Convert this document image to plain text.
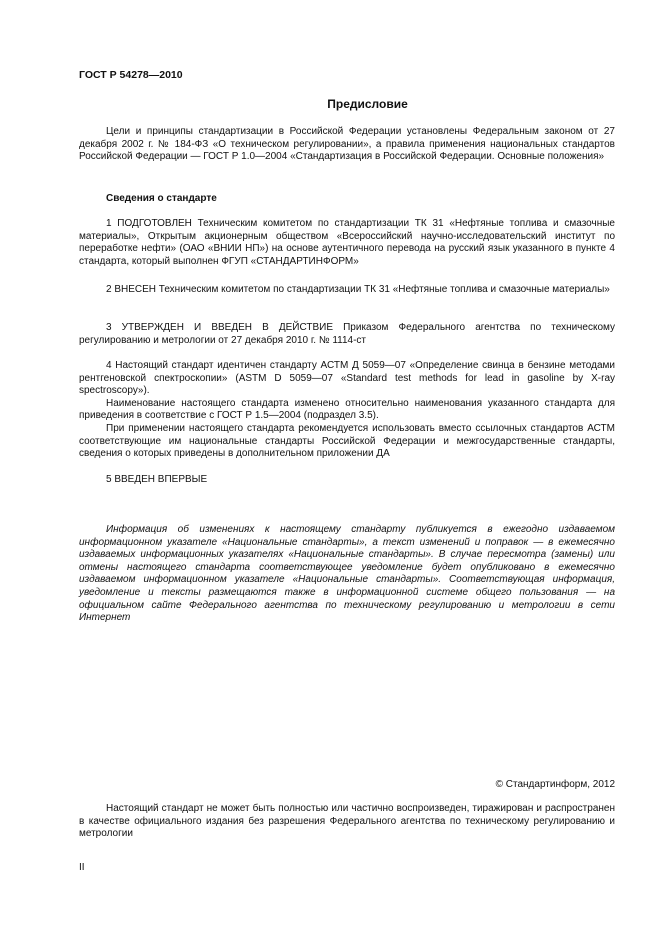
ГОСТ Р 54278—2010
Предисловие

Цели и принципы стандартизации в Российской Федерации установлены Федеральным законом от 27 декабря 2002 г. № 184-ФЗ «О техническом регулировании», а правила применения национальных стандартов Российской Федерации — ГОСТ Р 1.0—2004 «Стандартизация в Российской Федерации. Основные положения»

Сведения о стандарте

1 ПОДГОТОВЛЕН Техническим комитетом по стандартизации ТК 31 «Нефтяные топлива и смазочные материалы», Открытым акционерным обществом «Всероссийский научно-исследовательский институт по переработке нефти» (ОАО «ВНИИ НП») на основе аутентичного перевода на русский язык указанного в пункте 4 стандарта, который выполнен ФГУП «СТАНДАРТИНФОРМ»

2 ВНЕСЕН Техническим комитетом по стандартизации ТК 31 «Нефтяные топлива и смазочные материалы»

3 УТВЕРЖДЕН И ВВЕДЕН В ДЕЙСТВИЕ Приказом Федерального агентства по техническому регулированию и метрологии от 27 декабря 2010 г. № 1114-ст

4 Настоящий стандарт идентичен стандарту АСТМ Д 5059—07 «Определение свинца в бензине методами рентгеновской спектроскопии» (ASTM D 5059—07 «Standard test methods for lead in gasoline by X-ray spectroscopy»).

Наименование настоящего стандарта изменено относительно наименования указанного стандарта для приведения в соответствие с ГОСТ Р 1.5—2004 (подраздел 3.5).

При применении настоящего стандарта рекомендуется использовать вместо ссылочных стандартов АСТМ соответствующие им национальные стандарты Российской Федерации и межгосударственные стандарты, сведения о которых приведены в дополнительном приложении ДА

5 ВВЕДЕН ВПЕРВЫЕ

Информация об изменениях к настоящему стандарту публикуется в ежегодно издаваемом информационном указателе «Национальные стандарты», а текст изменений и поправок — в ежемесячно издаваемых информационных указателях «Национальные стандарты». В случае пересмотра (замены) или отмены настоящего стандарта соответствующее уведомление будет опубликовано в ежемесячно издаваемом информационном указателе «Национальные стандарты». Соответствующая информация, уведомление и тексты размещаются также в информационной системе общего пользования — на официальном сайте Федерального агентства по техническому регулированию и метрологии в сети Интернет

© Стандартинформ, 2012

Настоящий стандарт не может быть полностью или частично воспроизведен, тиражирован и распространен в качестве официального издания без разрешения Федерального агентства по техническому регулированию и метрологии

II
